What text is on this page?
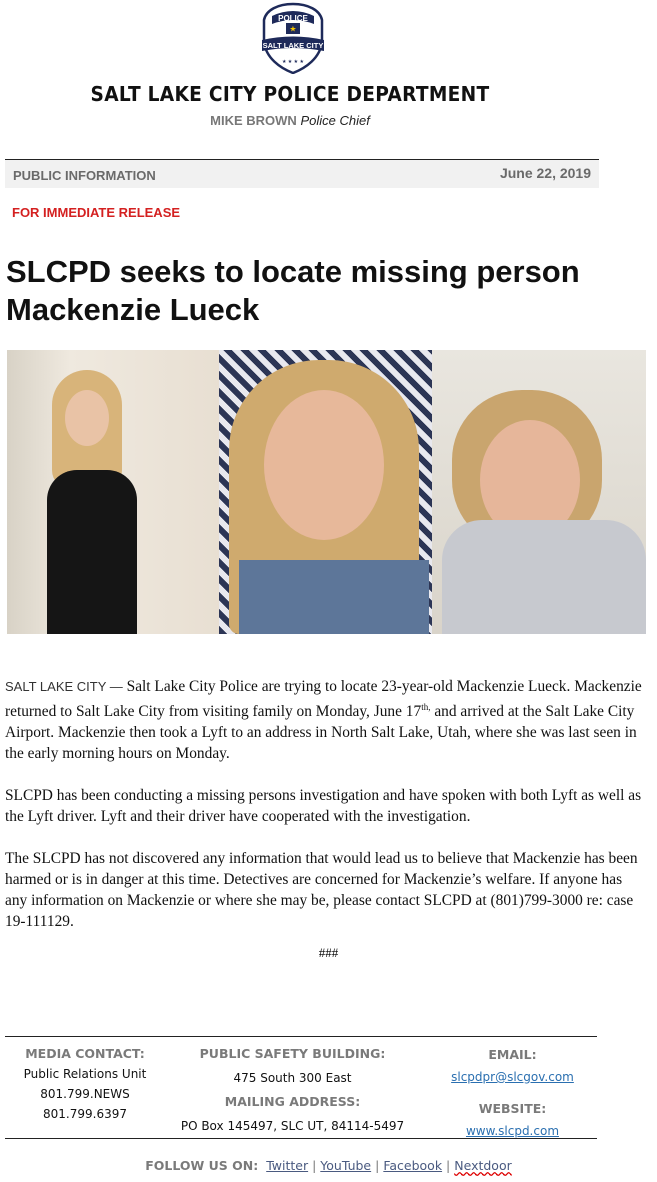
POLICE
★
SALT LAKE CITY
★ ★ ★ ★
SALT LAKE CITY POLICE DEPARTMENT
MIKE BROWN Police Chief
PUBLIC INFORMATION	June 22, 2019
FOR IMMEDIATE RELEASE
SLCPD seeks to locate missing person Mackenzie Lueck

SALT LAKE CITY — Salt Lake City Police are trying to locate 23-year-old Mackenzie Lueck. Mackenzie returned to Salt Lake City from visiting family on Monday, June $17^{th,}$ and arrived at the Salt Lake City Airport. Mackenzie then took a Lyft to an address in North Salt Lake, Utah, where she was last seen in the early morning hours on Monday.

SLCPD has been conducting a missing persons investigation and have spoken with both Lyft as well as the Lyft driver. Lyft and their driver have cooperated with the investigation.

The SLCPD has not discovered any information that would lead us to believe that Mackenzie has been harmed or is in danger at this time. Detectives are concerned for Mackenzie’s welfare. If anyone has any information on Mackenzie or where she may be, please contact SLCPD at (801)799-3000 re: case 19-111129.

###
MEDIA CONTACT:
Public Relations Unit
801.799.NEWS
801.799.6397
PUBLIC SAFETY BUILDING:
475 South 300 East
MAILING ADDRESS:
PO Box 145497, SLC UT, 84114-5497
EMAIL:
slcpdpr@slcgov.com
WEBSITE:
www.slcpd.com
FOLLOW US ON: Twitter | YouTube | Facebook | Nextdoor
